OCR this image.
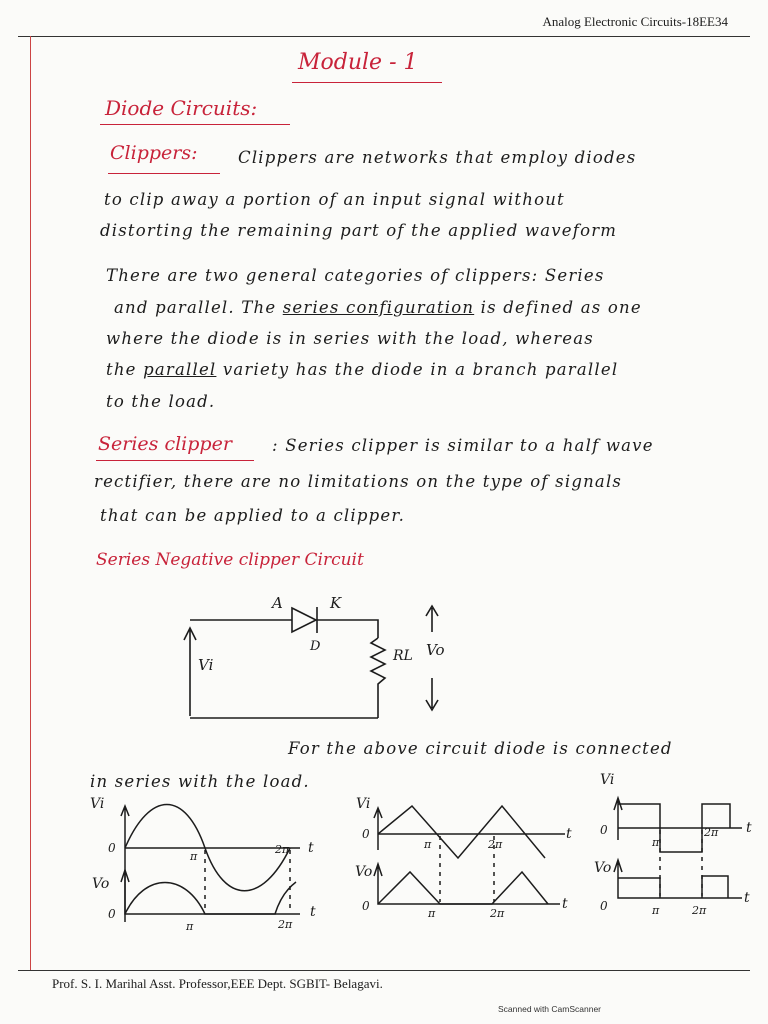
Analog Electronic Circuits-18EE34
Module - 1
Diode Circuits:
Clippers: Clippers are networks that employ diodes
to clip away a portion of an input signal without
distorting the remaining part of the applied waveform
There are two general categories of clippers: Series
and parallel. The series configuration is defined as one
where the diode is in series with the load, whereas
the parallel variety has the diode in a branch parallel
to the load.
Series clipper : Series clipper is similar to a half wave
rectifier, there are no limitations on the type of signals
that can be applied to a clipper.
Series Negative clipper Circuit
A	K
D
Vi	RL Vo
For the above circuit diode is connected
in series with the load.
Vi
0
π
2π t
Vo
0
π	2π
t
Vi
0
π	2π
t
Vo
0
π	2π
t
Vi
0
π
2π t
Vo
0	π	2π
t
Prof. S. I. Marihal Asst. Professor,EEE Dept. SGBIT- Belagavi.
Scanned with CamScanner
